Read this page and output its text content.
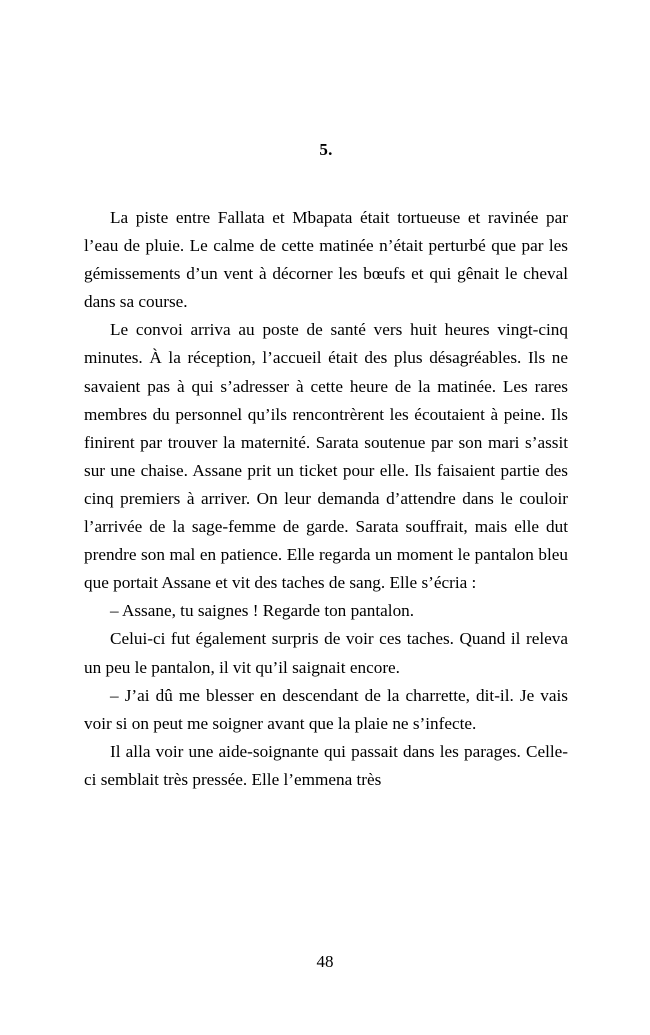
5.

La piste entre Fallata et Mbapata était tortueuse et ravinée par l’eau de pluie. Le calme de cette matinée n’était perturbé que par les gémissements d’un vent à décorner les bœufs et qui gênait le cheval dans sa course.

Le convoi arriva au poste de santé vers huit heures vingt-cinq minutes. À la réception, l’accueil était des plus désagréables. Ils ne savaient pas à qui s’adresser à cette heure de la matinée. Les rares membres du personnel qu’ils rencontrèrent les écoutaient à peine. Ils finirent par trouver la maternité. Sarata soutenue par son mari s’assit sur une chaise. Assane prit un ticket pour elle. Ils faisaient partie des cinq premiers à arriver. On leur demanda d’attendre dans le couloir l’arrivée de la sage-femme de garde. Sarata souffrait, mais elle dut prendre son mal en patience. Elle regarda un moment le pantalon bleu que portait Assane et vit des taches de sang. Elle s’écria :

– Assane, tu saignes ! Regarde ton pantalon.

Celui-ci fut également surpris de voir ces taches. Quand il releva un peu le pantalon, il vit qu’il saignait encore.

– J’ai dû me blesser en descendant de la charrette, dit-il. Je vais voir si on peut me soigner avant que la plaie ne s’infecte.

Il alla voir une aide-soignante qui passait dans les parages. Celle-ci semblait très pressée. Elle l’emmena très

48
